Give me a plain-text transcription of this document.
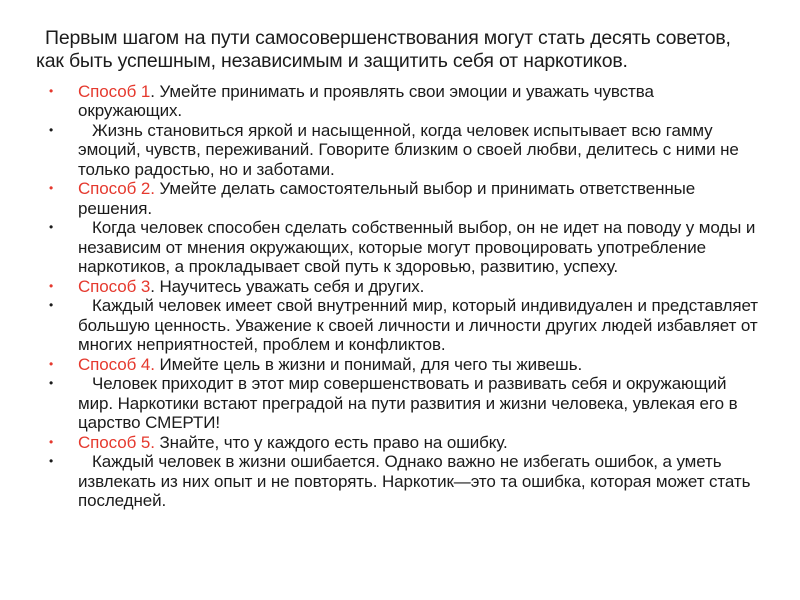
Первым шагом на пути самосовершенствования могут стать десять советов, как быть успешным, независимым и защитить себя от наркотиков.

•	Способ 1. Умейте принимать и проявлять свои эмоции и уважать чувства окружающих.
•	Жизнь становиться яркой и насыщенной, когда человек испытывает всю гамму эмоций, чувств, переживаний. Говорите близким о своей любви, делитесь с ними не только радостью, но и заботами.
•	Способ 2. Умейте делать самостоятельный выбор и принимать ответственные решения.
•	Когда человек способен сделать собственный выбор, он не идет на поводу у моды и независим от мнения окружающих, которые могут провоцировать употребление наркотиков, а прокладывает свой путь к здоровью, развитию, успеху.
•	Способ 3. Научитесь уважать себя и других.
•	Каждый человек имеет свой внутренний мир, который индивидуален и представляет большую ценность. Уважение к своей личности и личности других людей избавляет от многих неприятностей, проблем и конфликтов.
•	Способ 4. Имейте цель в жизни и понимай, для чего ты живешь.
•	Человек приходит в этот мир совершенствовать и развивать себя и окружающий мир. Наркотики встают преградой на пути развития и жизни человека, увлекая его в царство СМЕРТИ!
•	Способ 5. Знайте, что у каждого есть право на ошибку.
•	Каждый человек в жизни ошибается. Однако важно не избегать ошибок, а уметь извлекать из них опыт и не повторять. Наркотик—это та ошибка, которая может стать последней.
